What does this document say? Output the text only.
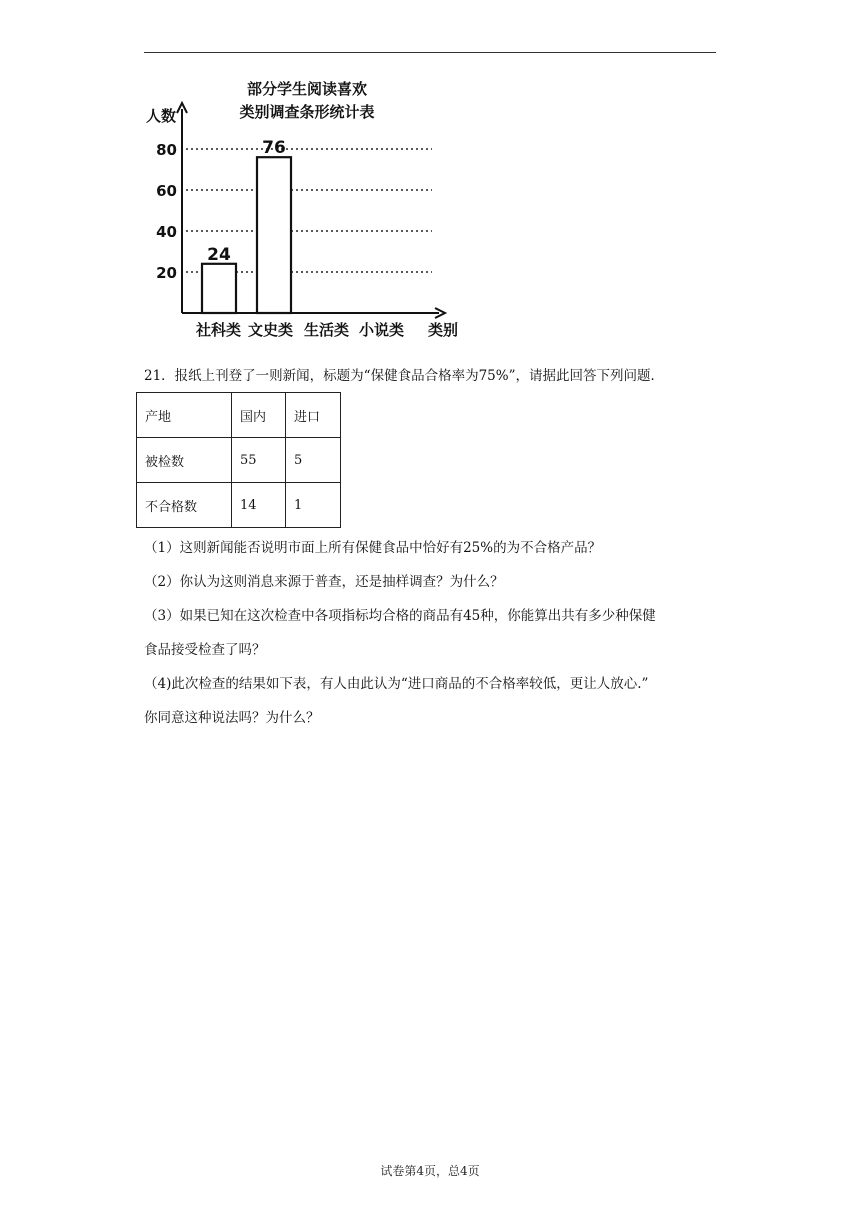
部分学生阅读喜欢
类别调查条形统计表
20
40
60
80
人数
类别
24
76
社科类 文史类 生活类 小说类
21．报纸上刊登了一则新闻，标题为“保健食品合格率为75%”，请据此回答下列问题．
产地	国内	进口
被检数	55	5
不合格数	14	1
（1）这则新闻能否说明市面上所有保健食品中恰好有25%的为不合格产品？
（2）你认为这则消息来源于普查，还是抽样调查？为什么？
（3）如果已知在这次检查中各项指标均合格的商品有45种，你能算出共有多少种保健
食品接受检查了吗？
（4)此次检查的结果如下表，有人由此认为“进口商品的不合格率较低，更让人放心.”
你同意这种说法吗？为什么？
试卷第4页，总4页
